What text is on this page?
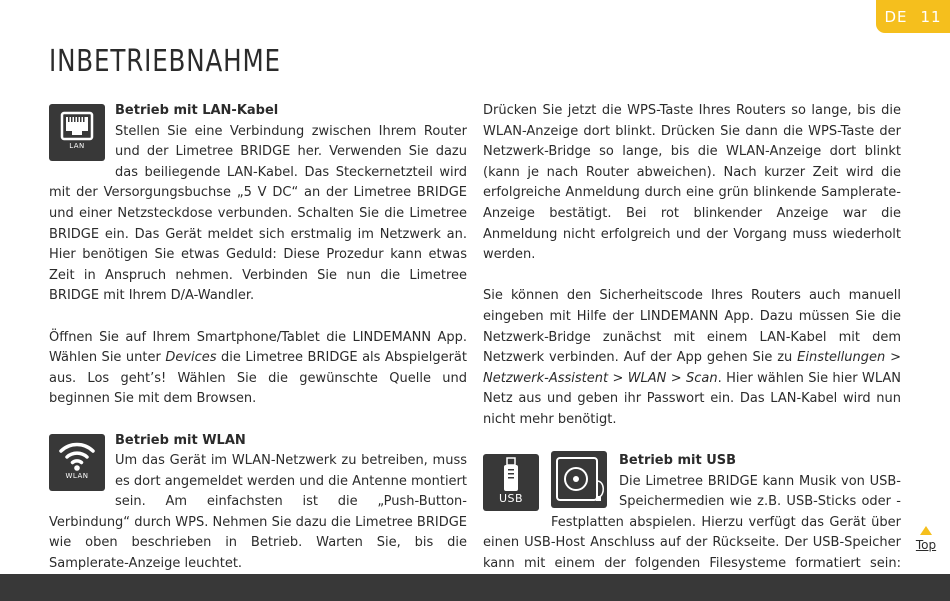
DE 11
INBETRIEBNAHME
LAN

Betrieb mit LAN-Kabel
Stellen Sie eine Verbindung zwischen Ihrem Router und der Limetree BRIDGE her. Verwenden Sie dazu das beiliegende LAN-Kabel. Das Steckernetzteil wird mit der Versorgungsbuchse „5 V DC“ an der Limetree BRIDGE und einer Netzsteckdose verbunden. Schalten Sie die Limetree BRIDGE ein. Das Gerät meldet sich erstmalig im Netzwerk an. Hier benötigen Sie etwas Geduld: Diese Prozedur kann etwas Zeit in Anspruch nehmen. Verbinden Sie nun die Limetree BRIDGE mit Ihrem D/A-Wandler.

Öffnen Sie auf Ihrem Smartphone/Tablet die LINDEMANN App. Wählen Sie unter Devices die Limetree BRIDGE als Abspielgerät aus. Los geht’s! Wählen Sie die gewünschte Quelle und beginnen Sie mit dem Browsen.

WLAN

Betrieb mit WLAN
Um das Gerät im WLAN-Netzwerk zu betreiben, muss es dort angemeldet werden und die Antenne montiert sein. Am einfachsten ist die „Push-Button-Verbindung“ durch WPS. Nehmen Sie dazu die Limetree BRIDGE wie oben beschrieben in Betrieb. Warten Sie, bis die Samplerate-Anzeige leuchtet.

Drücken Sie jetzt die WPS-Taste Ihres Routers so lange, bis die WLAN-Anzeige dort blinkt. Drücken Sie dann die WPS-Taste der Netzwerk-Bridge so lange, bis die WLAN-Anzeige dort blinkt (kann je nach Router abweichen). Nach kurzer Zeit wird die erfolgreiche Anmeldung durch eine grün blinkende Samplerate-Anzeige bestätigt. Bei rot blinkender Anzeige war die Anmeldung nicht erfolgreich und der Vorgang muss wiederholt werden.

Sie können den Sicherheitscode Ihres Routers auch manuell eingeben mit Hilfe der LINDEMANN App. Dazu müssen Sie die Netzwerk-Bridge zunächst mit einem LAN-Kabel mit dem Netzwerk verbinden. Auf der App gehen Sie zu Einstellungen > Netzwerk-Assistent > WLAN > Scan. Hier wählen Sie hier WLAN Netz aus und geben ihr Passwort ein. Das LAN-Kabel wird nun nicht mehr benötigt.

USB

Betrieb mit USB
Die Limetree BRIDGE kann Musik von USB-Speichermedien wie z.B. USB-Sticks oder -Festplatten abspielen. Hierzu verfügt das Gerät über einen USB-Host Anschluss auf der Rückseite. Der USB-Speicher kann mit einem der folgenden Filesysteme formatiert sein:

Top
